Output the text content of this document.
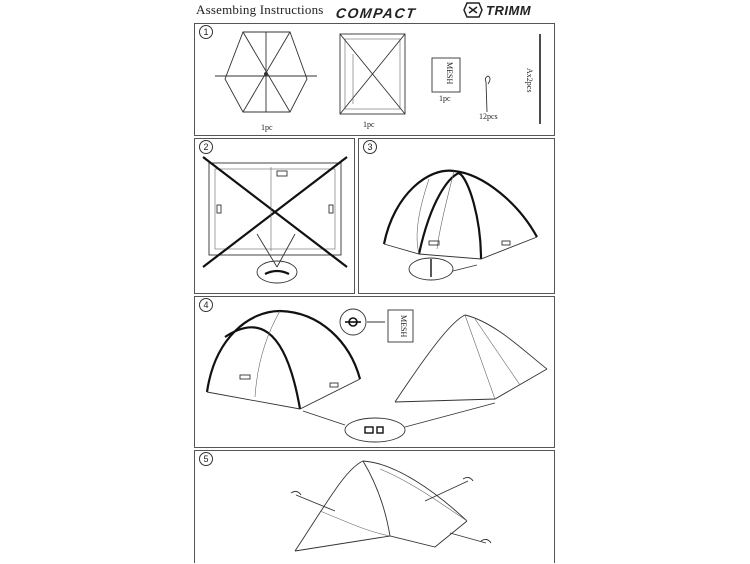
Assembing Instructions COMPACT	TRIMM
1
1pc	1pc
MESH
1pc
12pcs
Ax2pcs
2	3
4
MESH
5
